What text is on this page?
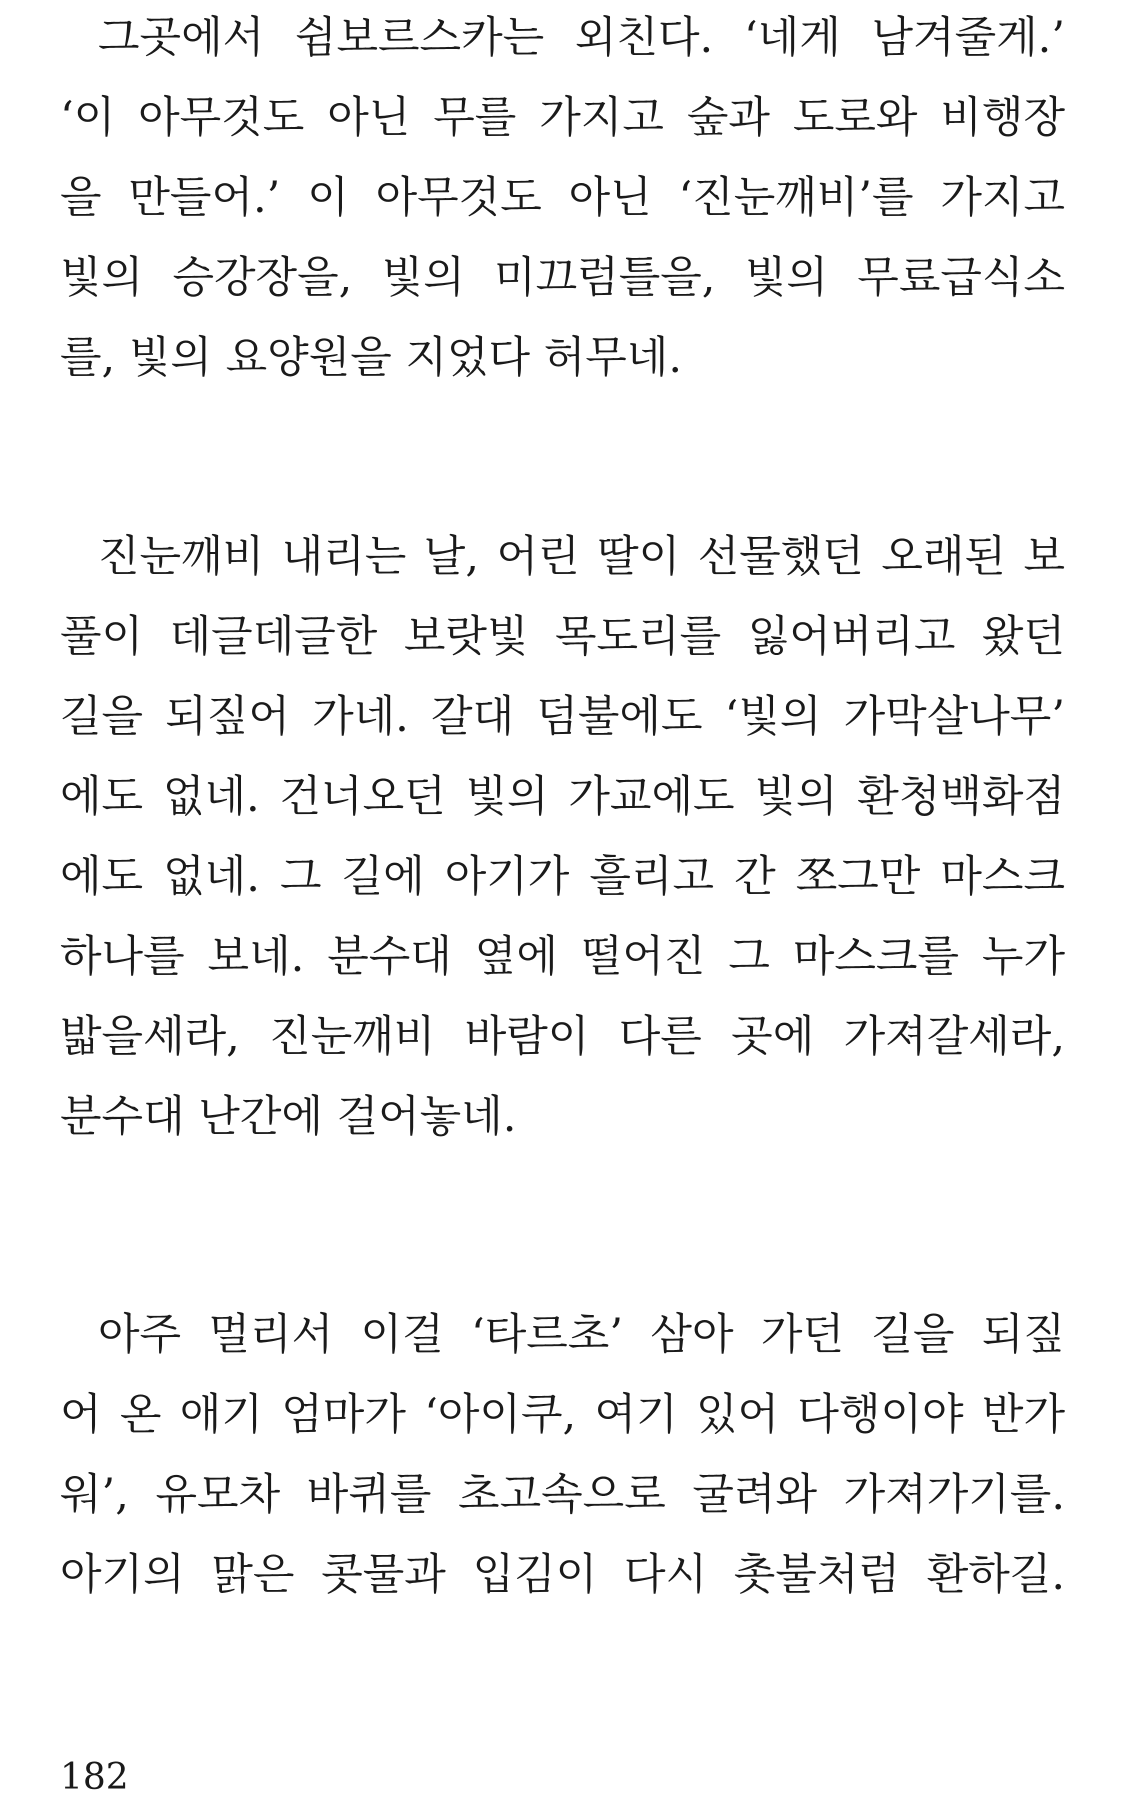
그곳에서 쉼보르스카는 외친다. ‘네게 남겨줄게.’
‘이 아무것도 아닌 무를 가지고 숲과 도로와 비행장
을 만들어.’ 이 아무것도 아닌 ‘진눈깨비’를 가지고
빛의 승강장을, 빛의 미끄럼틀을, 빛의 무료급식소
를, 빛의 요양원을 지었다 허무네.
진눈깨비 내리는 날, 어린 딸이 선물했던 오래된 보
풀이 데글데글한 보랏빛 목도리를 잃어버리고 왔던
길을 되짚어 가네. 갈대 덤불에도 ‘빛의 가막살나무’
에도 없네. 건너오던 빛의 가교에도 빛의 환청백화점
에도 없네. 그 길에 아기가 흘리고 간 쪼그만 마스크
하나를 보네. 분수대 옆에 떨어진 그 마스크를 누가
밟을세라, 진눈깨비 바람이 다른 곳에 가져갈세라,
분수대 난간에 걸어놓네.
아주 멀리서 이걸 ‘타르초’ 삼아 가던 길을 되짚
어 온 애기 엄마가 ‘아이쿠, 여기 있어 다행이야 반가
워’, 유모차 바퀴를 초고속으로 굴려와 가져가기를.
아기의 맑은 콧물과 입김이 다시 촛불처럼 환하길.
182
